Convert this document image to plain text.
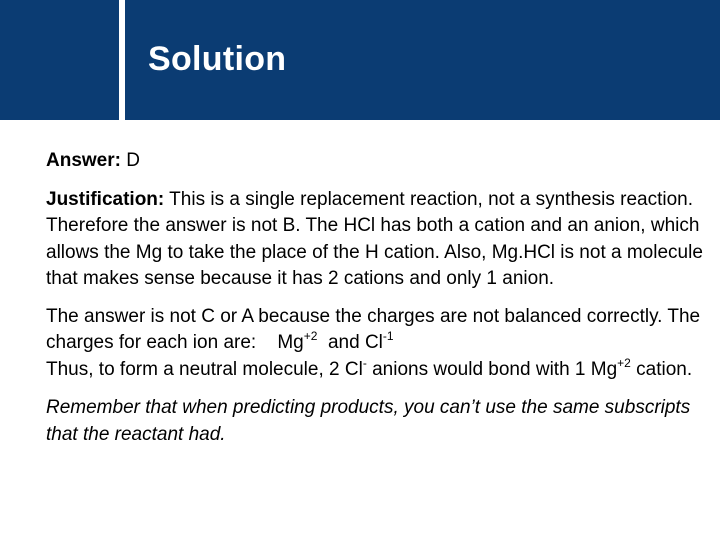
Solution

Answer: D

Justification: This is a single replacement reaction, not a synthesis reaction. Therefore the answer is not B. The HCl has both a cation and an anion, which allows the Mg to take the place of the H cation. Also, Mg.HCl is not a molecule that makes sense because it has 2 cations and only 1 anion.

The answer is not C or A because the charges are not balanced correctly. The charges for each ion are: $Mg^{+2}$ and $Cl^{-1}$
Thus, to form a neutral molecule, 2 Cl- anions would bond with 1 $Mg^{+2}$ cation.

Remember that when predicting products, you can’t use the same subscripts that the reactant had.
